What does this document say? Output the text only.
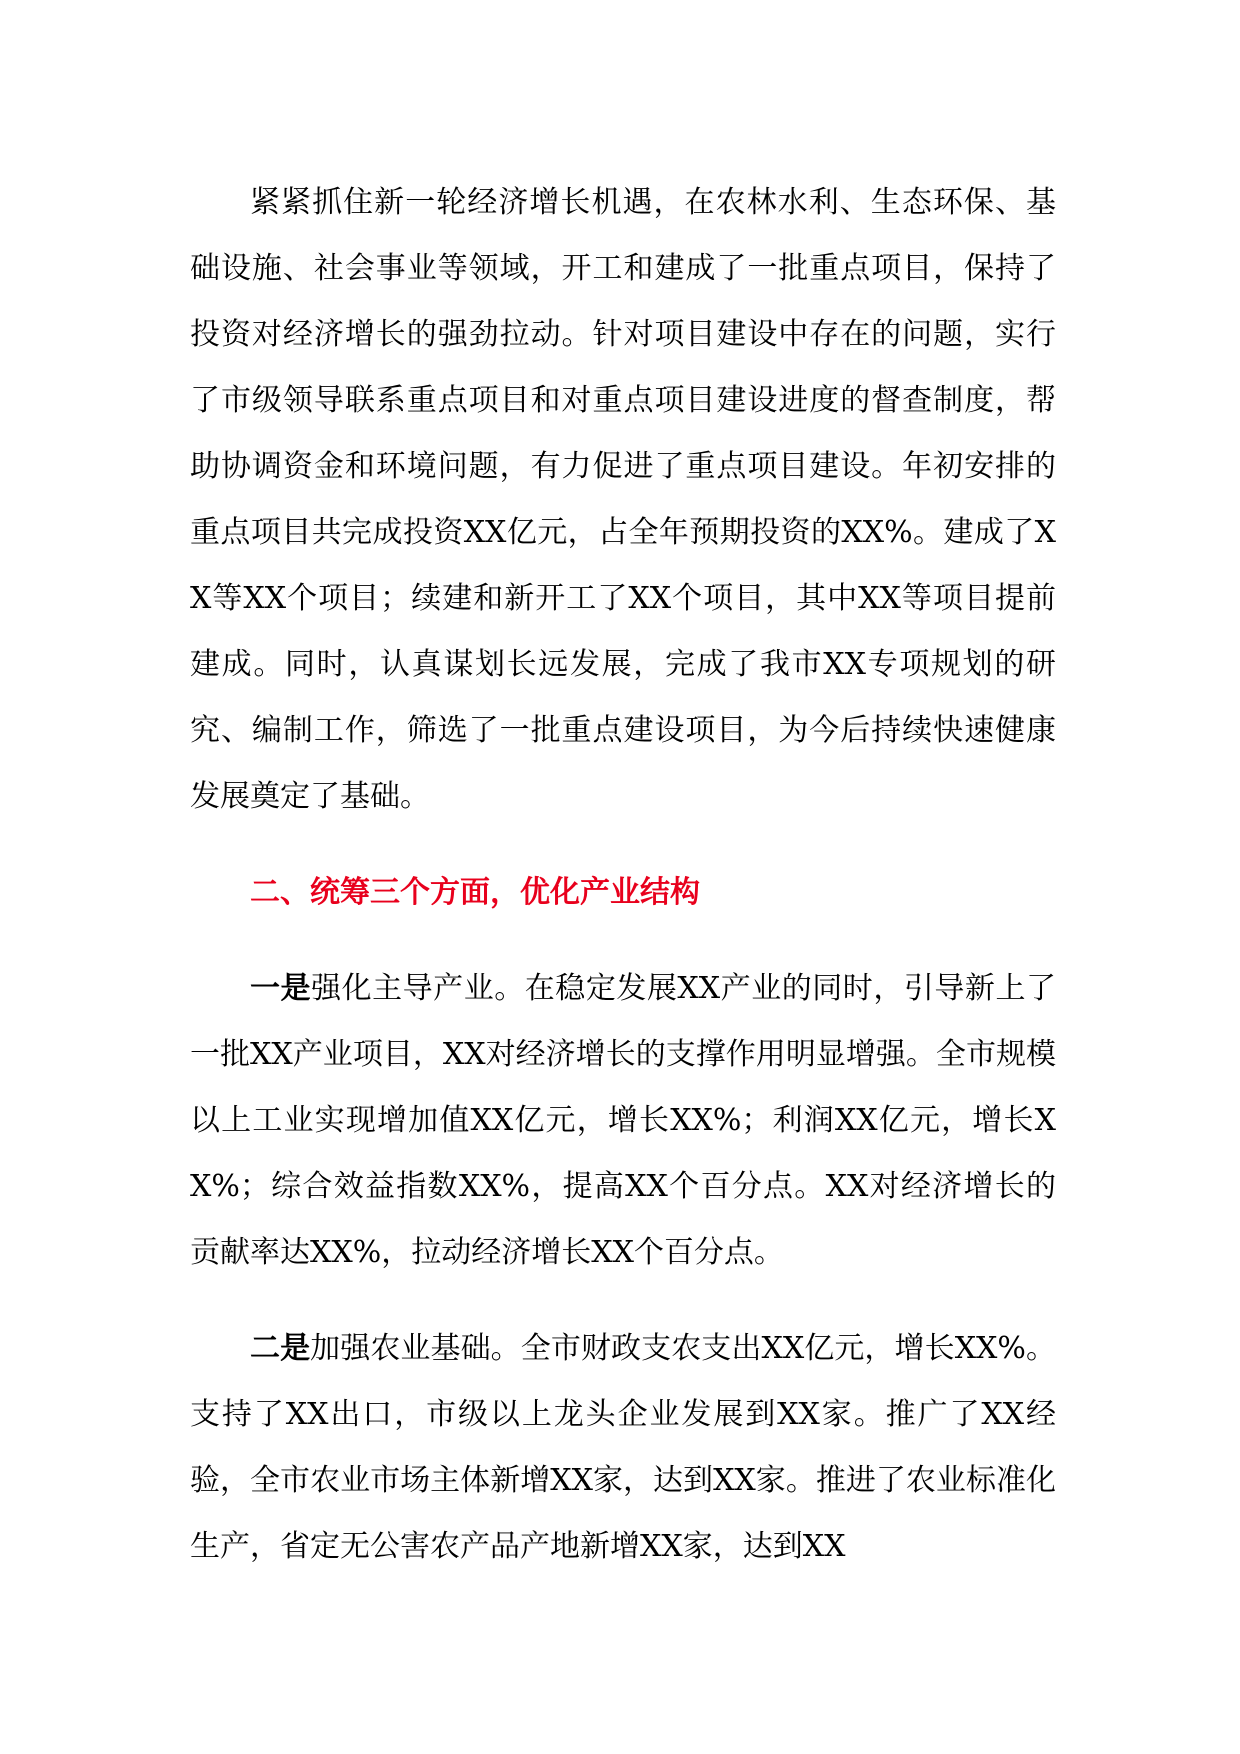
紧紧抓住新一轮经济增长机遇，在农林水利、生态环保、基础设施、社会事业等领域，开工和建成了一批重点项目，保持了投资对经济增长的强劲拉动。针对项目建设中存在的问题，实行了市级领导联系重点项目和对重点项目建设进度的督查制度，帮助协调资金和环境问题，有力促进了重点项目建设。年初安排的重点项目共完成投资XX亿元，占全年预期投资的XX%。建成了XX等XX个项目；续建和新开工了XX个项目，其中XX等项目提前建成。同时，认真谋划长远发展，完成了我市XX专项规划的研究、编制工作，筛选了一批重点建设项目，为今后持续快速健康发展奠定了基础。

二、统筹三个方面，优化产业结构

一是强化主导产业。在稳定发展XX产业的同时，引导新上了一批XX产业项目，XX对经济增长的支撑作用明显增强。全市规模以上工业实现增加值XX亿元，增长XX%；利润XX亿元，增长XX%；综合效益指数XX%，提高XX个百分点。XX对经济增长的贡献率达XX%，拉动经济增长XX个百分点。

二是加强农业基础。全市财政支农支出XX亿元，增长XX%。支持了XX出口，市级以上龙头企业发展到XX家。推广了XX经验，全市农业市场主体新增XX家，达到XX家。推进了农业标准化生产，省定无公害农产品产地新增XX家，达到XX
